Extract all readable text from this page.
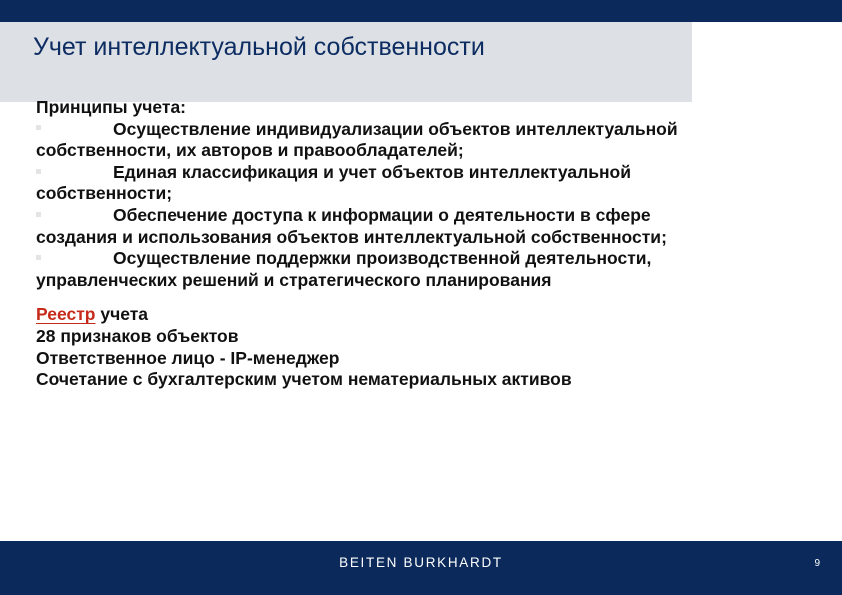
Учет интеллектуальной собственности
Принципы учета:
Осуществление индивидуализации объектов интеллектуальной
собственности, их авторов и правообладателей;
Единая классификация и учет объектов интеллектуальной
собственности;
Обеспечение доступа к информации о деятельности в сфере
создания и использования объектов интеллектуальной собственности;
Осуществление поддержки производственной деятельности,
управленческих решений и стратегического планирования
Реестр учета
28 признаков объектов
Ответственное лицо - IP-менеджер
Сочетание с бухгалтерским учетом нематериальных активов
BEITEN BURKHARDT	9
